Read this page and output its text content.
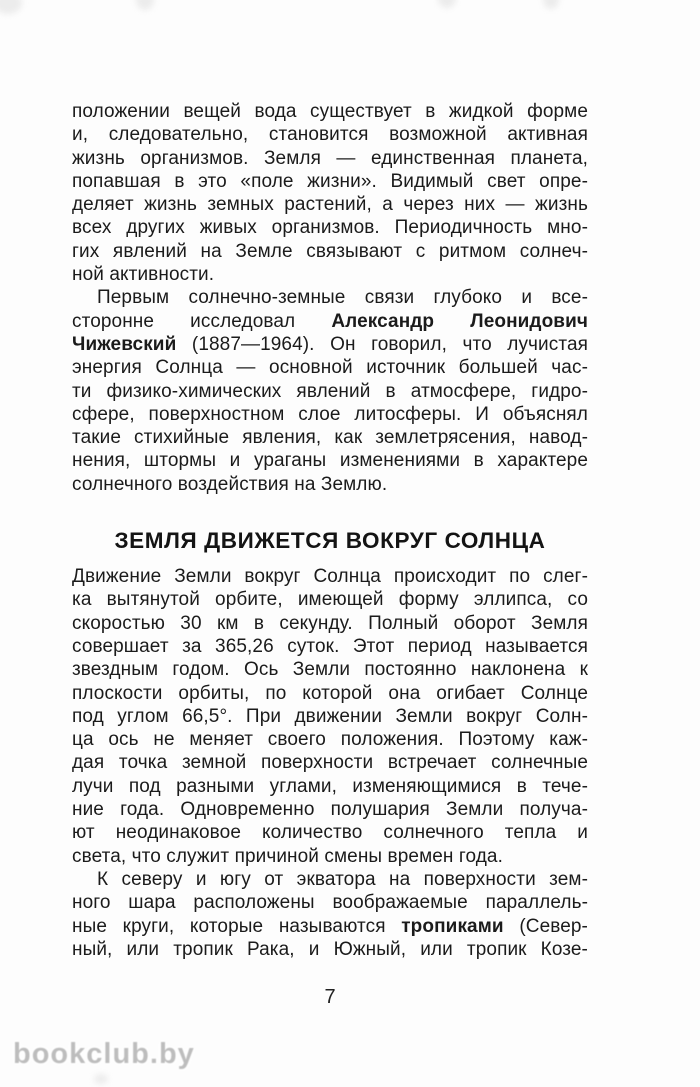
положении вещей вода существует в жидкой форме
и, следовательно, становится возможной активная
жизнь организмов. Земля — единственная планета,
попавшая в это «поле жизни». Видимый свет опре-
деляет жизнь земных растений, а через них — жизнь
всех других живых организмов. Периодичность мно-
гих явлений на Земле связывают с ритмом солнеч-
ной активности.
Первым солнечно-земные связи глубоко и все-
сторонне исследовал Александр Леонидович
Чижевский (1887—1964). Он говорил, что лучистая
энергия Солнца — основной источник большей час-
ти физико-химических явлений в атмосфере, гидро-
сфере, поверхностном слое литосферы. И объяснял
такие стихийные явления, как землетрясения, навод-
нения, штормы и ураганы изменениями в характере
солнечного воздействия на Землю.
ЗЕМЛЯ ДВИЖЕТСЯ ВОКРУГ СОЛНЦА
Движение Земли вокруг Солнца происходит по слег-
ка вытянутой орбите, имеющей форму эллипса, со
скоростью 30 км в секунду. Полный оборот Земля
совершает за 365,26 суток. Этот период называется
звездным годом. Ось Земли постоянно наклонена к
плоскости орбиты, по которой она огибает Солнце
под углом 66,5°. При движении Земли вокруг Солн-
ца ось не меняет своего положения. Поэтому каж-
дая точка земной поверхности встречает солнечные
лучи под разными углами, изменяющимися в тече-
ние года. Одновременно полушария Земли получа-
ют неодинаковое количество солнечного тепла и
света, что служит причиной смены времен года.
К северу и югу от экватора на поверхности зем-
ного шара расположены воображаемые параллель-
ные круги, которые называются тропиками (Север-
ный, или тропик Рака, и Южный, или тропик Козе-
7
bookclub.by
